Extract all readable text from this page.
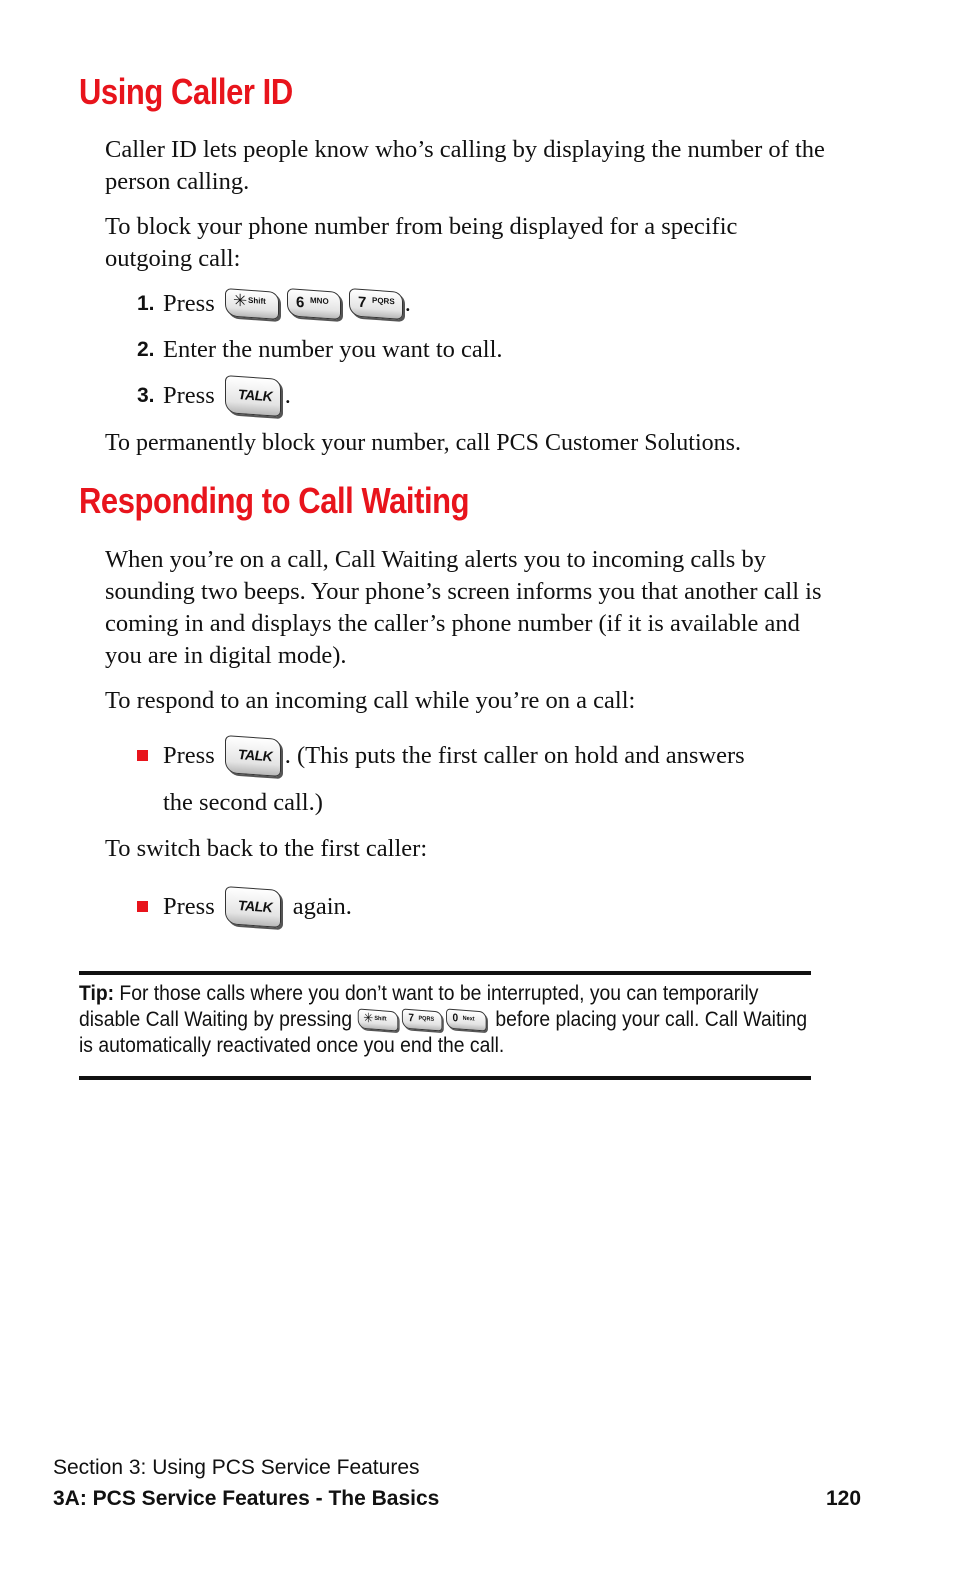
Using Caller ID

Caller ID lets people know who’s calling by displaying the number of the person calling.

To block your phone number from being displayed for a specific outgoing call:

1. Press ✳ Shift 6 MNO 7 PQRS .
2. Enter the number you want to call.
3. Press TALK .

To permanently block your number, call PCS Customer Solutions.

Responding to Call Waiting

When you’re on a call, Call Waiting alerts you to incoming calls by sounding two beeps. Your phone’s screen informs you that another call is coming in and displays the caller’s phone number (if it is available and you are in digital mode).

To respond to an incoming call while you’re on a call:

Press TALK . (This puts the first caller on hold and answers
the second call.)

To switch back to the first caller:

Press TALK again.

Tip: For those calls where you don’t want to be interrupted, you can temporarily disable Call Waiting by pressing ✳ Shift 7 PQRS 0 Next before placing your call. Call Waiting is automatically reactivated once you end the call.

Section 3: Using PCS Service Features

3A: PCS Service Features - The Basics	120
